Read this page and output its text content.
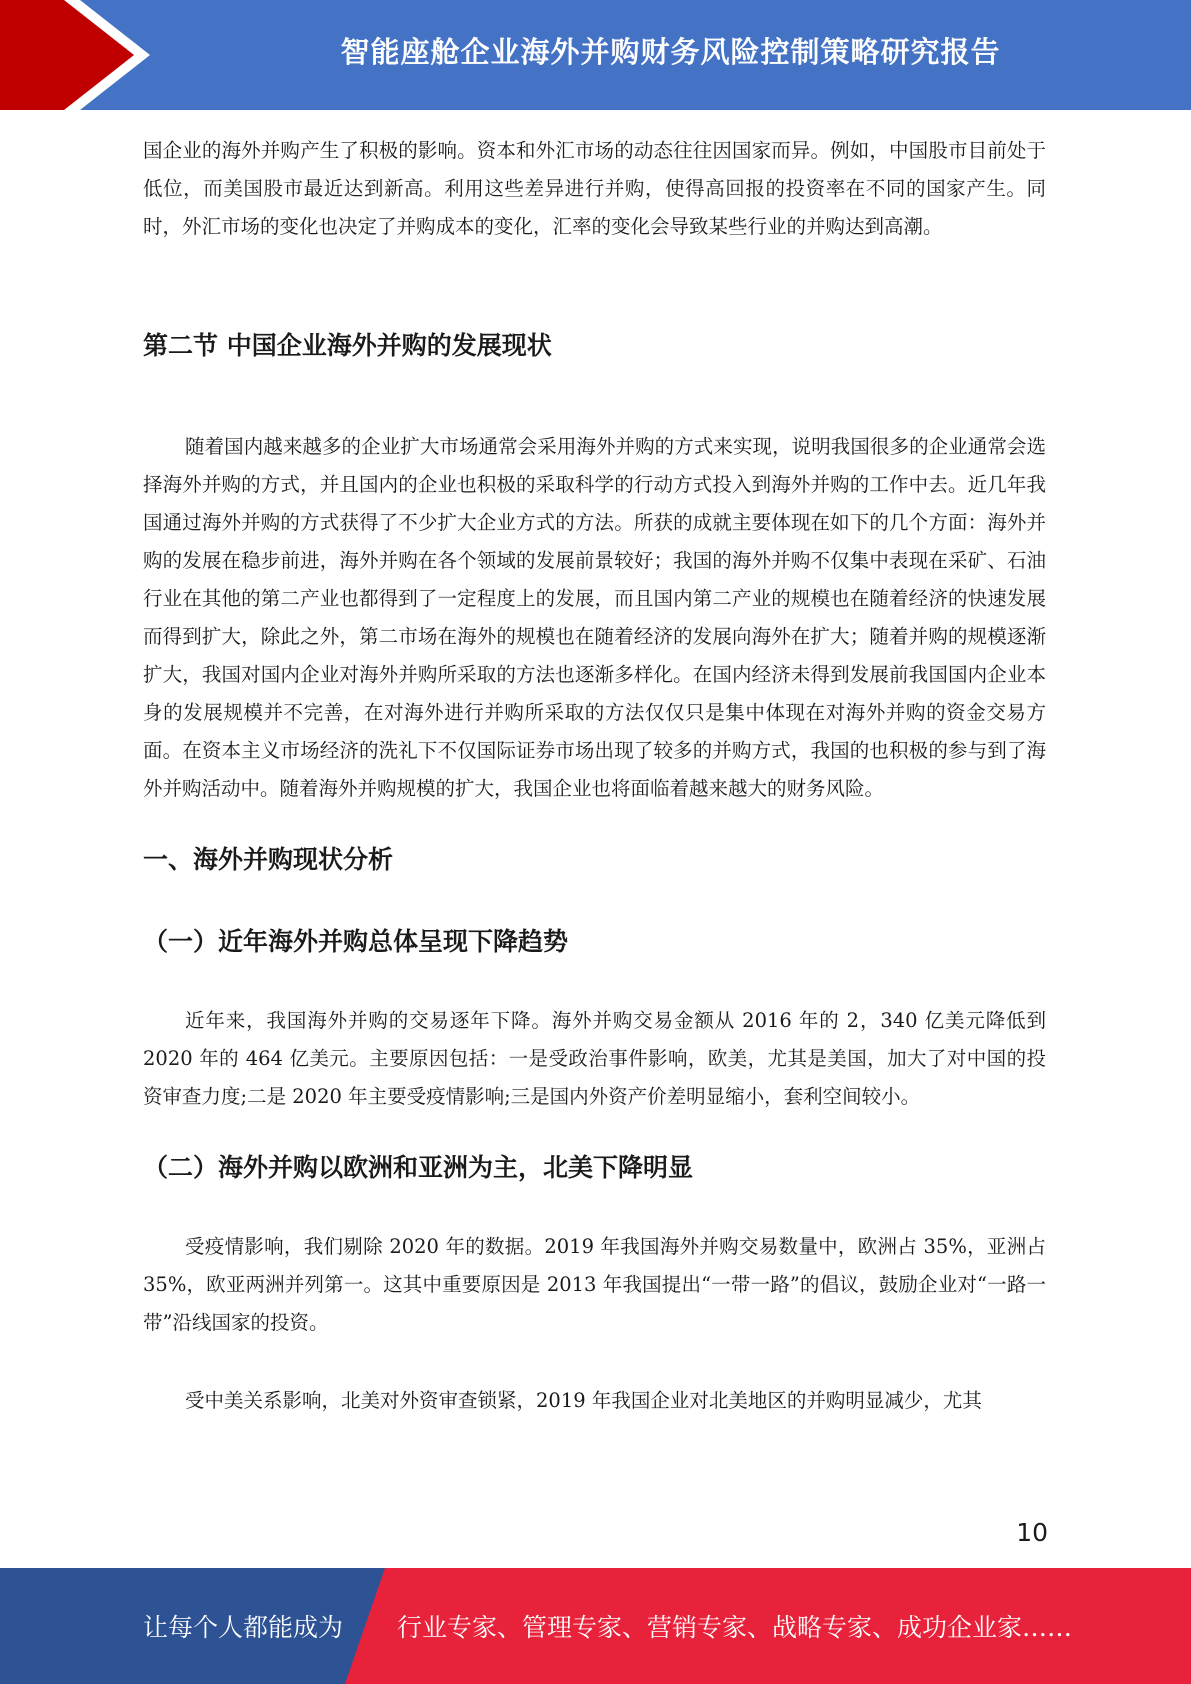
智能座舱企业海外并购财务风险控制策略研究报告

国企业的海外并购产生了积极的影响。资本和外汇市场的动态往往因国家而异。例如，中国股市目前处于低位，而美国股市最近达到新高。利用这些差异进行并购，使得高回报的投资率在不同的国家产生。同时，外汇市场的变化也决定了并购成本的变化，汇率的变化会导致某些行业的并购达到高潮。

第二节 中国企业海外并购的发展现状

随着国内越来越多的企业扩大市场通常会采用海外并购的方式来实现，说明我国很多的企业通常会选择海外并购的方式，并且国内的企业也积极的采取科学的行动方式投入到海外并购的工作中去。近几年我国通过海外并购的方式获得了不少扩大企业方式的方法。所获的成就主要体现在如下的几个方面：海外并购的发展在稳步前进，海外并购在各个领域的发展前景较好；我国的海外并购不仅集中表现在采矿、石油行业在其他的第二产业也都得到了一定程度上的发展，而且国内第二产业的规模也在随着经济的快速发展而得到扩大，除此之外，第二市场在海外的规模也在随着经济的发展向海外在扩大；随着并购的规模逐渐扩大，我国对国内企业对海外并购所采取的方法也逐渐多样化。在国内经济未得到发展前我国国内企业本身的发展规模并不完善，在对海外进行并购所采取的方法仅仅只是集中体现在对海外并购的资金交易方面。在资本主义市场经济的洗礼下不仅国际证券市场出现了较多的并购方式，我国的也积极的参与到了海外并购活动中。随着海外并购规模的扩大，我国企业也将面临着越来越大的财务风险。

一、海外并购现状分析
（一）近年海外并购总体呈现下降趋势

近年来，我国海外并购的交易逐年下降。海外并购交易金额从 2016 年的 2，340 亿美元降低到 2020 年的 464 亿美元。主要原因包括：一是受政治事件影响，欧美，尤其是美国，加大了对中国的投资审查力度;二是 2020 年主要受疫情影响;三是国内外资产价差明显缩小，套利空间较小。

（二）海外并购以欧洲和亚洲为主，北美下降明显

受疫情影响，我们剔除 2020 年的数据。2019 年我国海外并购交易数量中，欧洲占 35%，亚洲占 35%，欧亚两洲并列第一。这其中重要原因是 2013 年我国提出“一带一路”的倡议，鼓励企业对“一路一带”沿线国家的投资。

受中美关系影响，北美对外资审查锁紧，2019 年我国企业对北美地区的并购明显减少，尤其

10
让每个人都能成为 行业专家、管理专家、营销专家、战略专家、成功企业家……
